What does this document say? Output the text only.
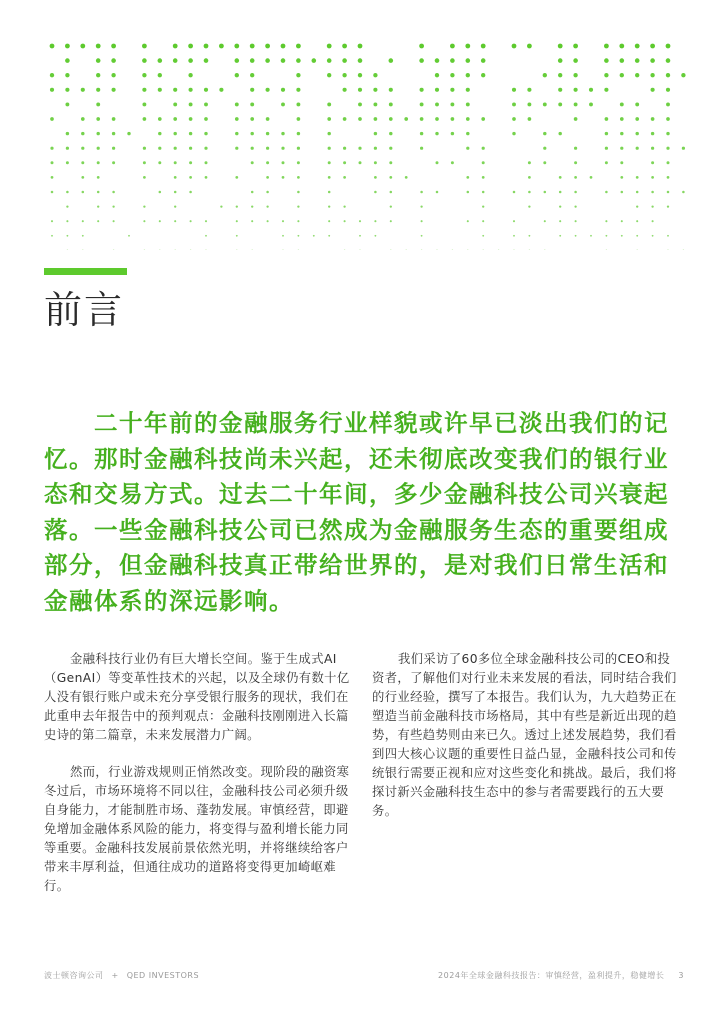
前言

二十年前的金融服务行业样貌或许早已淡出我们的记忆。那时金融科技尚未兴起，还未彻底改变我们的银行业态和交易方式。过去二十年间，多少金融科技公司兴衰起落。一些金融科技公司已然成为金融服务生态的重要组成部分，但金融科技真正带给世界的，是对我们日常生活和金融体系的深远影响。

金融科技行业仍有巨大增长空间。鉴于生成式AI（GenAI）等变革性技术的兴起，以及全球仍有数十亿人没有银行账户或未充分享受银行服务的现状，我们在此重申去年报告中的预判观点：金融科技刚刚进入长篇史诗的第二篇章，未来发展潜力广阔。

然而，行业游戏规则正悄然改变。现阶段的融资寒冬过后，市场环境将不同以往，金融科技公司必须升级自身能力，才能制胜市场、蓬勃发展。审慎经营，即避免增加金融体系风险的能力，将变得与盈利增长能力同等重要。金融科技发展前景依然光明，并将继续给客户带来丰厚利益，但通往成功的道路将变得更加崎岖难行。

我们采访了60多位全球金融科技公司的CEO和投资者，了解他们对行业未来发展的看法，同时结合我们的行业经验，撰写了本报告。我们认为，九大趋势正在塑造当前金融科技市场格局，其中有些是新近出现的趋势，有些趋势则由来已久。透过上述发展趋势，我们看到四大核心议题的重要性日益凸显，金融科技公司和传统银行需要正视和应对这些变化和挑战。最后，我们将探讨新兴金融科技生态中的参与者需要践行的五大要务。

波士顿咨询公司 + QED INVESTORS	2024年全球金融科技报告：审慎经营，盈利提升，稳健增长 3
